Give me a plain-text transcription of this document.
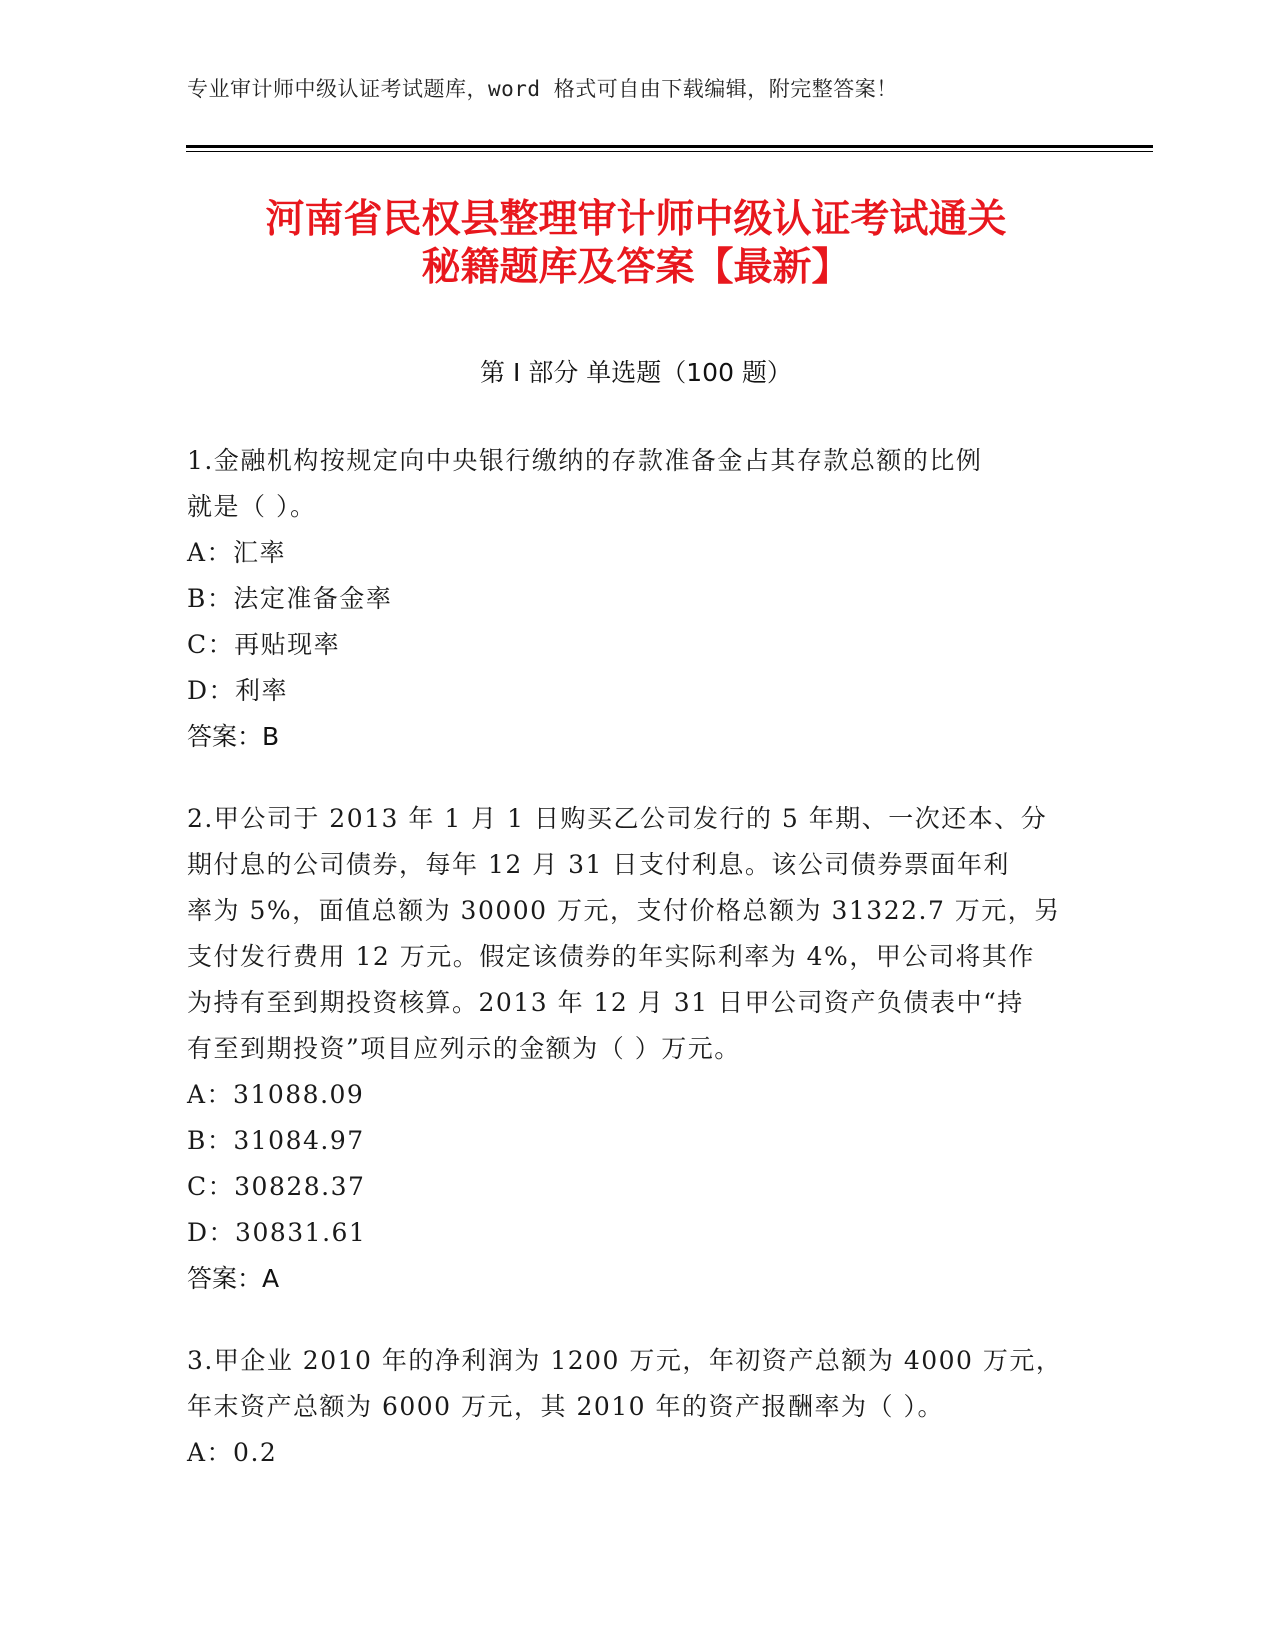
专业审计师中级认证考试题库，word 格式可自由下载编辑，附完整答案！
河南省民权县整理审计师中级认证考试通关
秘籍题库及答案【最新】
第 I 部分 单选题（100 题）
1.金融机构按规定向中央银行缴纳的存款准备金占其存款总额的比例
就是（ ）。
A：汇率
B：法定准备金率
C：再贴现率
D：利率
答案：B
2.甲公司于 2013 年 1 月 1 日购买乙公司发行的 5 年期、一次还本、分
期付息的公司债券，每年 12 月 31 日支付利息。该公司债券票面年利
率为 5%，面值总额为 30000 万元，支付价格总额为 31322.7 万元，另
支付发行费用 12 万元。假定该债券的年实际利率为 4%，甲公司将其作
为持有至到期投资核算。2013 年 12 月 31 日甲公司资产负债表中“持
有至到期投资”项目应列示的金额为（ ）万元。
A：31088.09
B：31084.97
C：30828.37
D：30831.61
答案：A
3.甲企业 2010 年的净利润为 1200 万元，年初资产总额为 4000 万元，
年末资产总额为 6000 万元，其 2010 年的资产报酬率为（ ）。
A：0.2
